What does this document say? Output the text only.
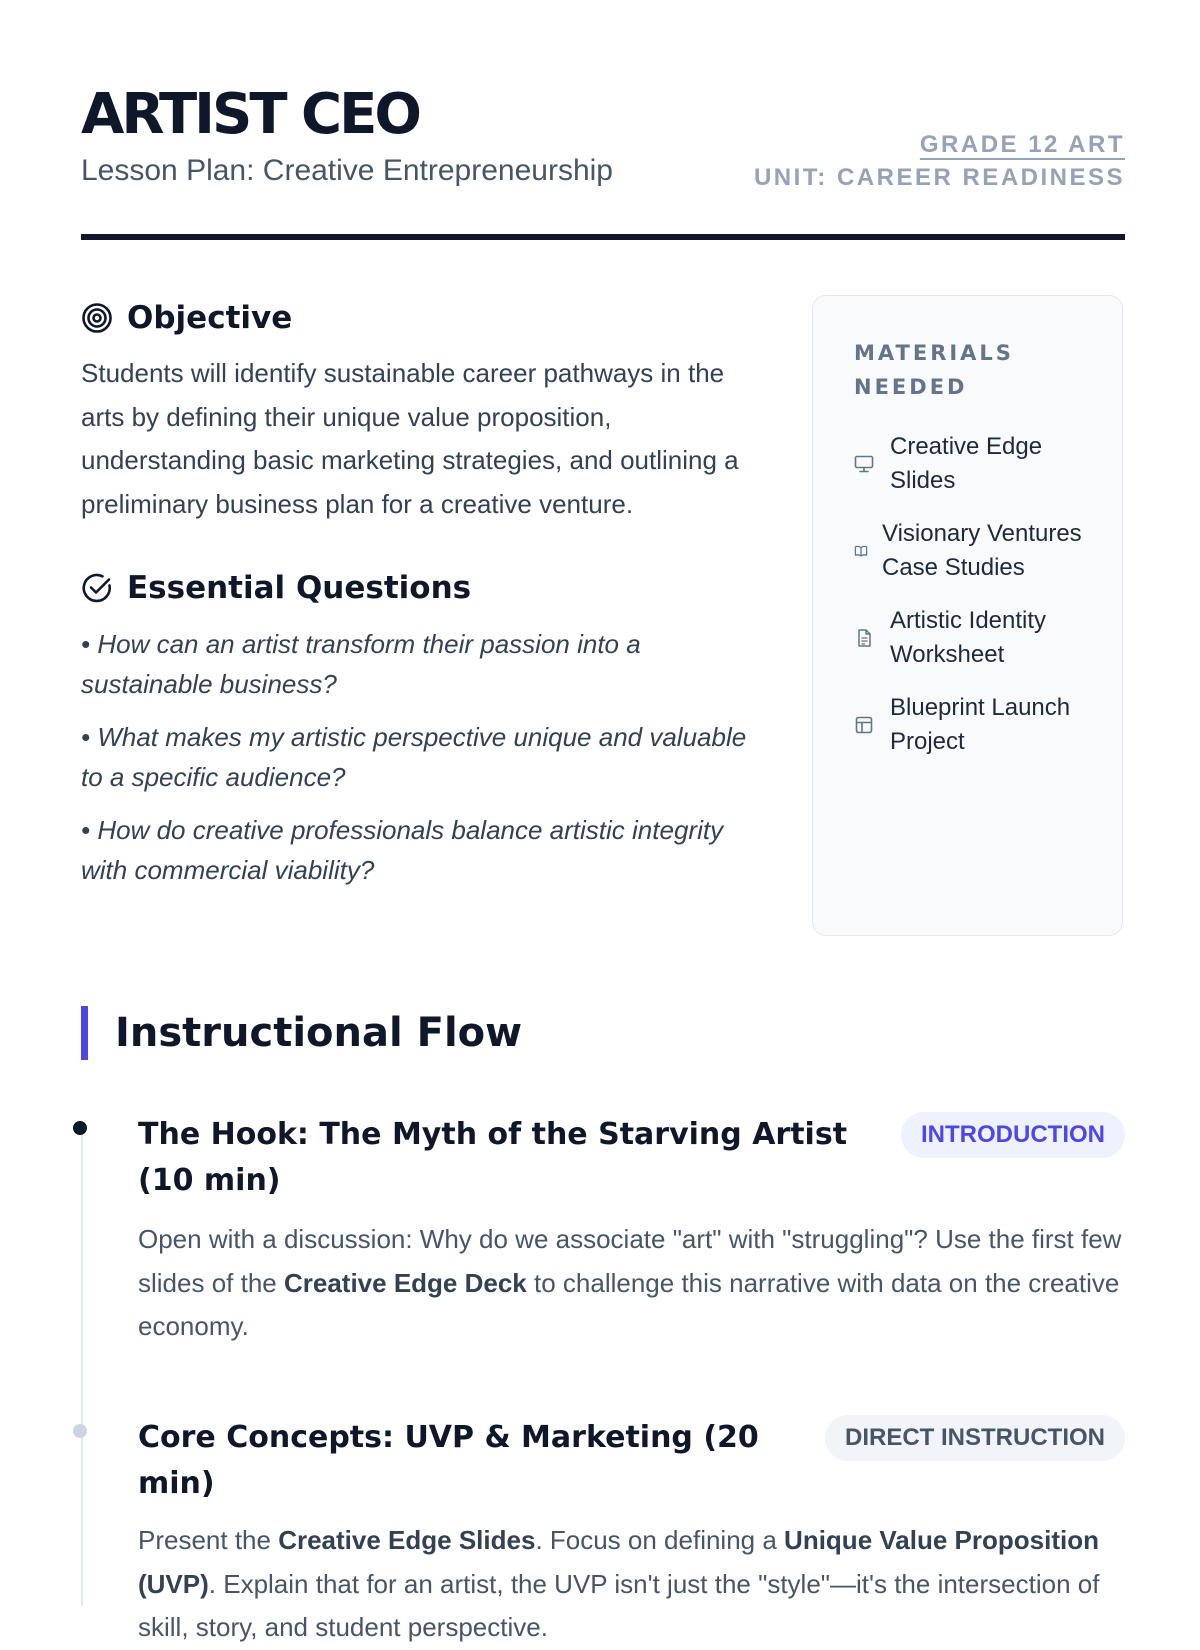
ARTIST CEO

Lesson Plan: Creative Entrepreneurship

GRADE 12 ART
UNIT: CAREER READINESS
Objective

Students will identify sustainable career pathways in the arts by defining their unique value proposition, understanding basic marketing strategies, and outlining a preliminary business plan for a creative venture.

Essential Questions
• How can an artist transform their passion into a sustainable business?
• What makes my artistic perspective unique and valuable to a specific audience?
• How do creative professionals balance artistic integrity with commercial viability?
MATERIALS NEEDED
Creative Edge Slides
Visionary Ventures Case Studies
Artistic Identity Worksheet
Blueprint Launch Project
Instructional Flow
The Hook: The Myth of the Starving Artist (10 min)
INTRODUCTION

Open with a discussion: Why do we associate "art" with "struggling"? Use the first few slides of the Creative Edge Deck to challenge this narrative with data on the creative economy.

Core Concepts: UVP & Marketing (20 min)
DIRECT INSTRUCTION

Present the Creative Edge Slides. Focus on defining a Unique Value Proposition (UVP). Explain that for an artist, the UVP isn't just the "style"—it's the intersection of skill, story, and student perspective.
